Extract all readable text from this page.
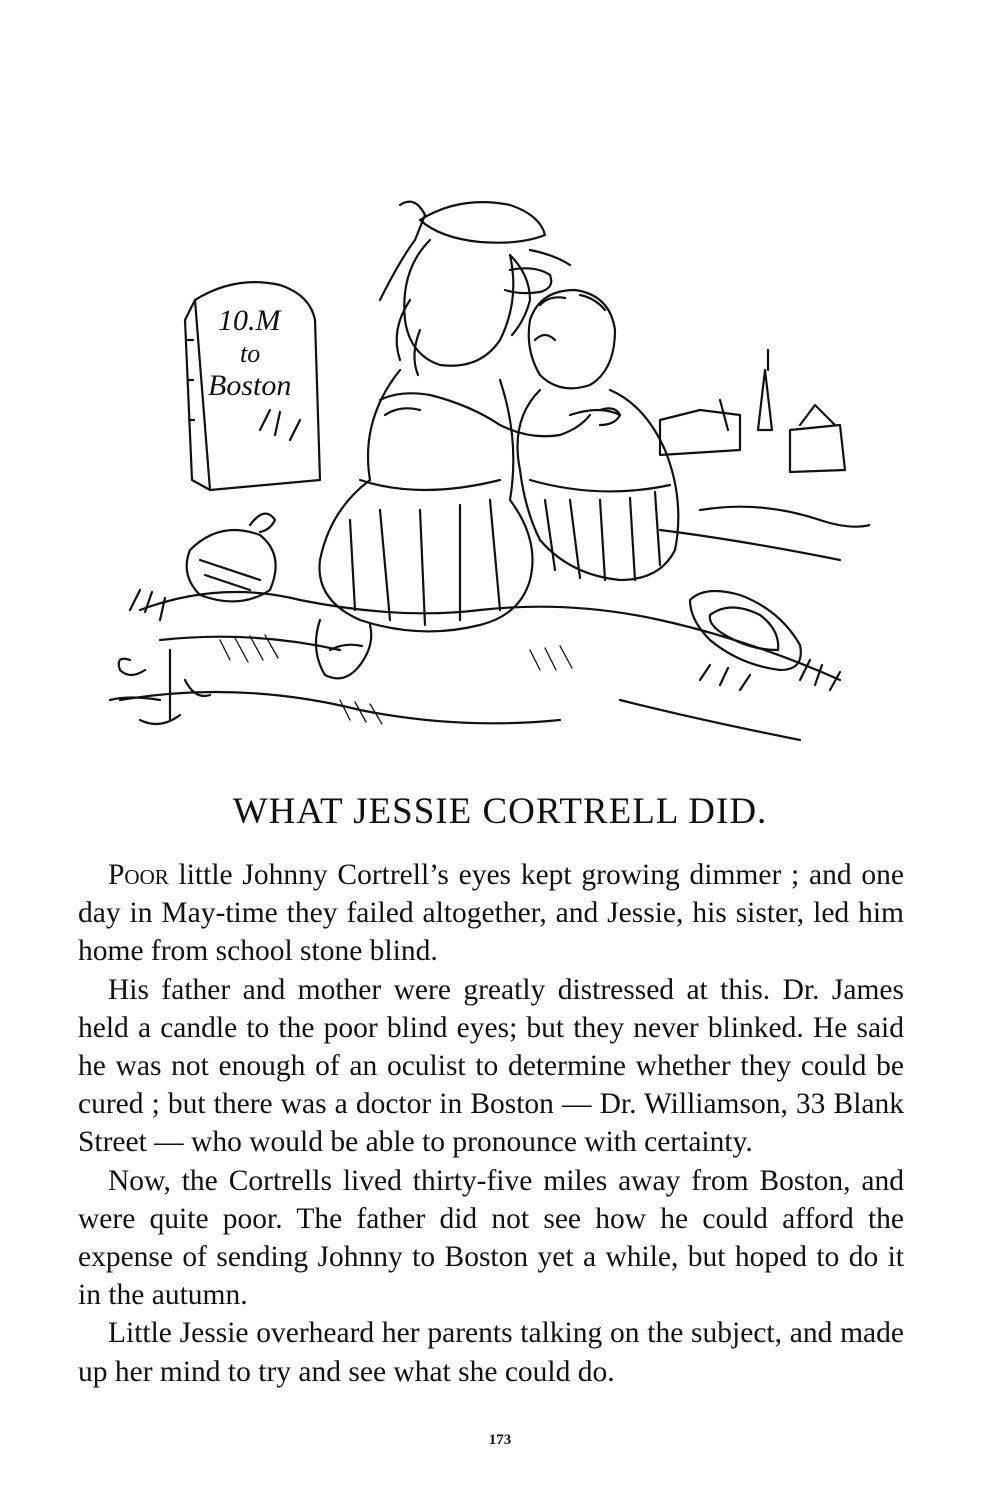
10.M
to
Boston
WHAT JESSIE CORTRELL DID.

Poor little Johnny Cortrell’s eyes kept growing dimmer ; and one day in May-time they failed altogether, and Jessie, his sister, led him home from school stone blind.

His father and mother were greatly distressed at this. Dr. James held a candle to the poor blind eyes; but they never blinked. He said he was not enough of an oculist to determine whether they could be cured ; but there was a doctor in Boston — Dr. Williamson, 33 Blank Street — who would be able to pronounce with certainty.

Now, the Cortrells lived thirty-five miles away from Boston, and were quite poor. The father did not see how he could afford the expense of sending Johnny to Boston yet a while, but hoped to do it in the autumn.

Little Jessie overheard her parents talking on the subject, and made up her mind to try and see what she could do.

173
